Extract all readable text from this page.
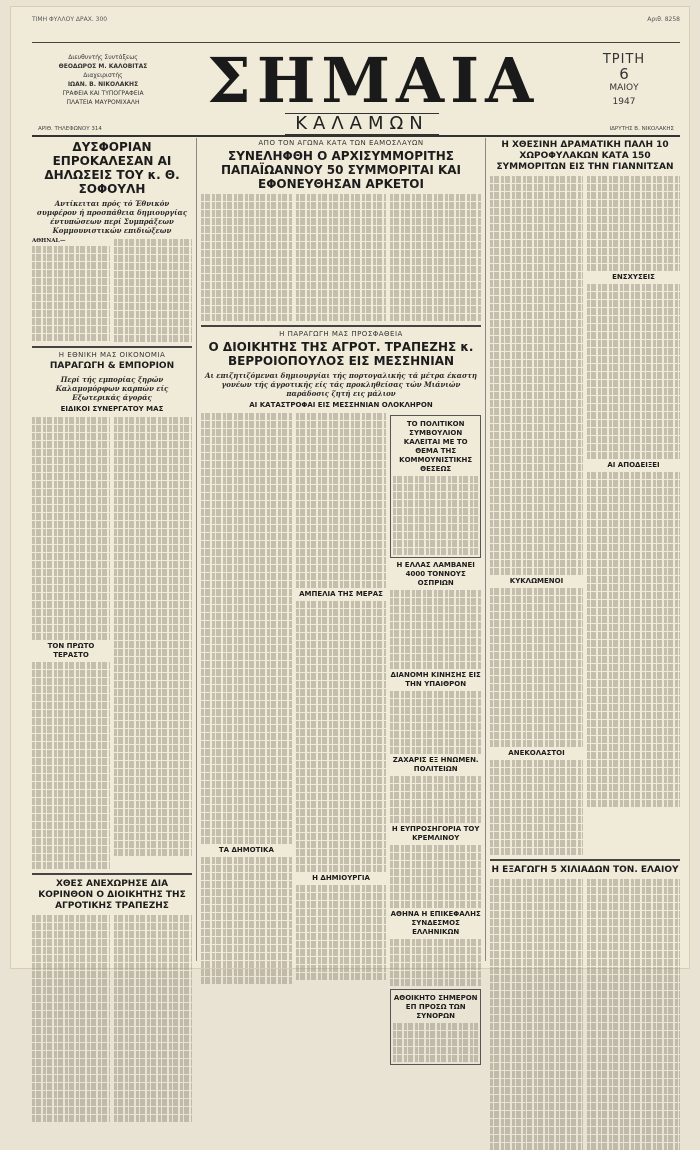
ΤΙΜΗ ΦΥΛΛΟΥ ΔΡΑΧ. 300	Αριθ. 8258
Διευθυντής Συντάξεως
ΘΕΟΔΩΡΟΣ Μ. ΚΑΛΟΒΙΤΑΣ
Διαχειριστής
ΙΩΑΝ. Β. ΝΙΚΟΛΑΚΗΣ
ΓΡΑΦΕΙΑ ΚΑΙ ΤΥΠΟΓΡΑΦΕΙΑ
ΠΛΑΤΕΙΑ ΜΑΥΡΟΜΙΧΑΛΗ	ΣΗΜΑΙΑ
ΚΑΛΑΜΩΝ
ΤΡΙΤΗ
6
ΜΑΙΟΥ
1947
ΑΡΙΘ. ΤΗΛΕΦΩΝΟΥ 314	ΙΔΡΥΤΗΣ Β. ΝΙΚΟΛΑΚΗΣ
ΔΥΣΦΟΡΙΑΝ ΕΠΡΟΚΑΛΕΣΑΝ ΑΙ ΔΗΛΩΣΕΙΣ ΤΟΥ κ. Θ. ΣΟΦΟΥΛΗ
Αντίκειται πρός τό Έθνικόν συμφέρον ή προσπάθεια δημιουργίας έντυπώσεων περί Συμπράξεων Κομμουνιστικών επιδιώξεων
ΑΘΗΝΑΙ.—
Η ΕΘΝΙΚΗ ΜΑΣ ΟΙΚΟΝΟΜΙΑ
ΠΑΡΑΓΩΓΗ & ΕΜΠΟΡΙΟΝ
Περί τής εμπορίας ξηρών Καλαμομόρφων καρπών είς Εξωτερικάς άγοράς
ΕΙΔΙΚΟΙ ΣΥΝΕΡΓΑΤΟΥ ΜΑΣ
ΤΟΝ ΠΡΩΤΟ ΤΕΡΑΣΤΟ
ΧΘΕΣ ΑΝΕΧΩΡΗΣΕ ΔΙΑ ΚΟΡΙΝΘΟΝ Ο ΔΙΟΙΚΗΤΗΣ ΤΗΣ ΑΓΡΟΤΙΚΗΣ ΤΡΑΠΕΖΗΣ
ΑΠΟ ΤΟΝ ΑΓΩΝΑ ΚΑΤΑ ΤΩΝ ΕΑΜΟΣΛΑΥΩΝ
ΣΥΝΕΛΗΦΘΗ Ο ΑΡΧΙΣΥΜΜΟΡΙΤΗΣ ΠΑΠΑΪΩΑΝΝΟΥ 50 ΣΥΜΜΟΡΙΤΑΙ ΚΑΙ ΕΦΟΝΕΥΘΗΣΑΝ ΑΡΚΕΤΟΙ
Η ΠΑΡΑΓΩΓΗ ΜΑΣ ΠΡΟΣΦΑΘΕΙΑ
Ο ΔΙΟΙΚΗΤΗΣ ΤΗΣ ΑΓΡΟΤ. ΤΡΑΠΕΖΗΣ κ. ΒΕΡΡΟΙΟΠΟΥΛΟΣ ΕΙΣ ΜΕΣΣΗΝΙΑΝ
Αι επιζητιζόμεναι δημιουργίαι τής πορτογαλικής τά μέτρα έκαστη γονέων τής άγροτικής είς τάς προκληθείσας τών Μιάνιών παράδοσις ζητή εις μάλιον
ΑΙ ΚΑΤΑΣΤΡΟΦΑΙ ΕΙΣ ΜΕΣΣΗΝΙΑΝ ΟΛΟΚΛΗΡΟΝ
ΤΑ ΔΗΜΟΤΙΚΑ
ΑΜΠΕΛΙΑ ΤΗΣ ΜΕΡΑΣ
Η ΔΗΜΙΟΥΡΓΙΑ
ΤΟ ΠΟΛΙΤΙΚΟΝ ΣΥΜΒΟΥΛΙΟΝ ΚΑΛΕΙΤΑΙ ΜΕ ΤΟ ΘΕΜΑ ΤΗΣ ΚΟΜΜΟΥΝΙΣΤΙΚΗΣ ΘΕΣΕΩΣ
Η ΕΛΛΑΣ ΛΑΜΒΑΝΕΙ 4000 ΤΟΝΝΟΥΣ ΟΣΠΡΙΩΝ
ΔΙΑΝΟΜΗ ΚΙΝΗΣΗΣ ΕΙΣ ΤΗΝ ΥΠΑΙΘΡΟΝ
ΖΑΧΑΡΙΣ ΕΞ ΗΝΩΜΕΝ. ΠΟΛΙΤΕΙΩΝ
Η ΕΥΠΡΟΣΗΓΟΡΙΑ ΤΟΥ ΚΡΕΜΛΙΝΟΥ
ΑΘΗΝΑ Η ΕΠΙΚΕΦΑΛΗΣ ΣΥΝΔΕΣΜΟΣ ΕΛΛΗΝΙΚΩΝ
ΑΘΟΙΚΗΤΟ ΣΗΜΕΡΟΝ ΕΠ ΠΡΟΣΩ ΤΩΝ ΣΥΝΟΡΩΝ
Η ΧΘΕΣΙΝΗ ΔΡΑΜΑΤΙΚΗ ΠΑΛΗ 10 ΧΩΡΟΦΥΛΑΚΩΝ ΚΑΤΑ 150 ΣΥΜΜΟΡΙΤΩΝ ΕΙΣ ΤΗΝ ΓΙΑΝΝΙΤΣΑΝ
ΚΥΚΛΩΜΕΝΟΙ
ΑΝΕΚΟΛΑΣΤΟΙ
ΕΝΣΧΥΣΕΙΣ
ΑΙ ΑΠΟΔΕΙΞΕΙ
Η ΕΞΑΓΩΓΗ 5 ΧΙΛΙΑΔΩΝ ΤΟΝ. ΕΛΑΙΟΥ
